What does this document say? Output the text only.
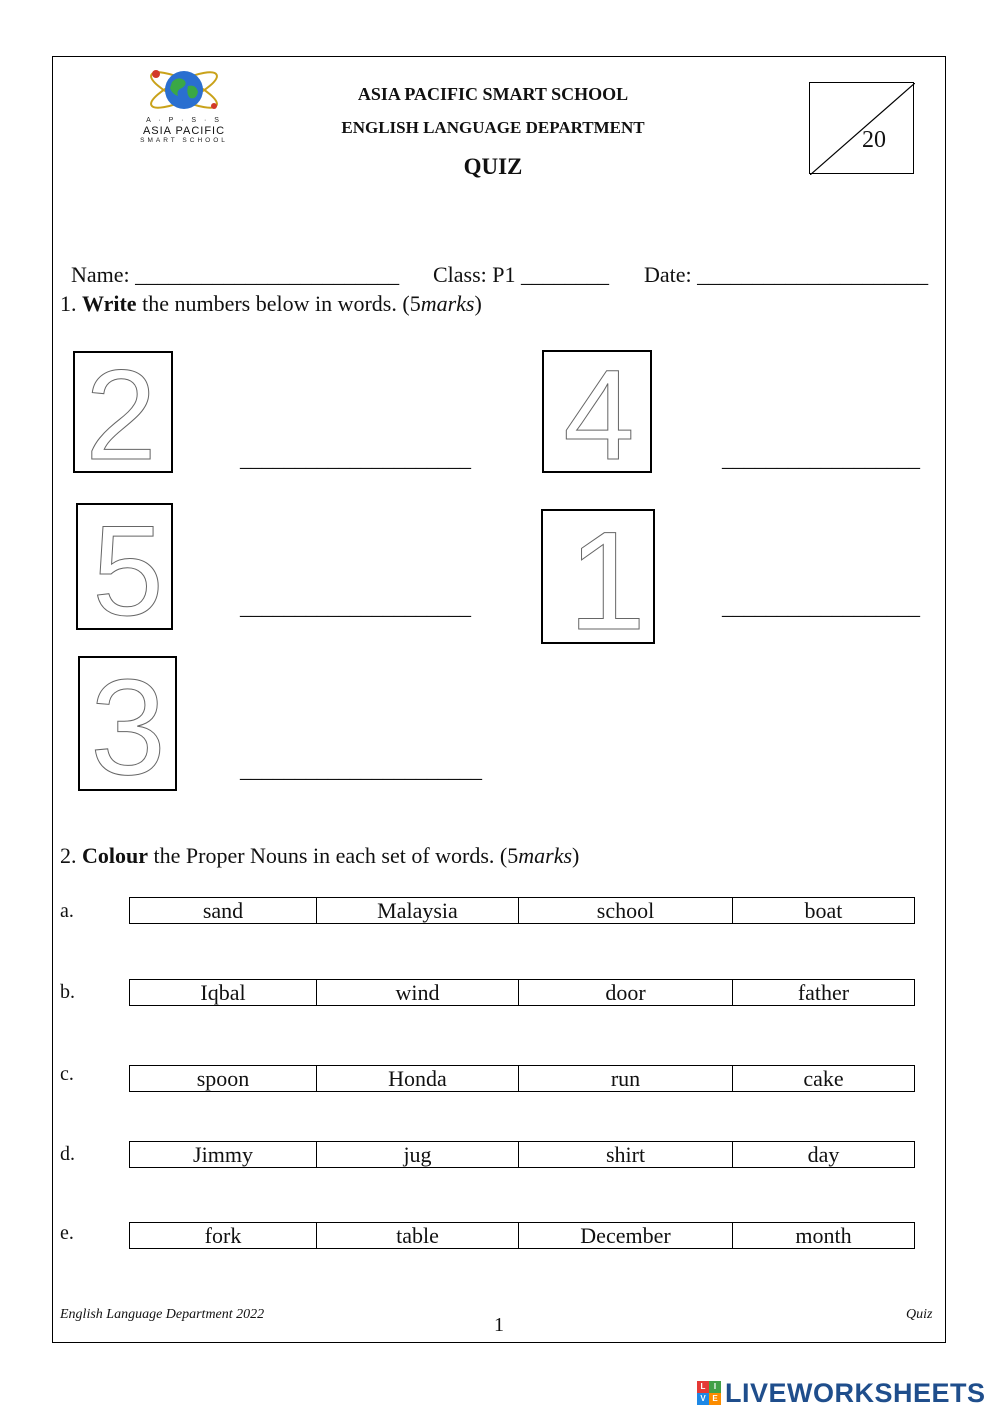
A · P · S · S
ASIA PACIFIC
SMART SCHOOL
ASIA PACIFIC SMART SCHOOL
ENGLISH LANGUAGE DEPARTMENT
QUIZ
20

Name: ________________________	Class: P1 ________	Date: _____________________

1. Write the numbers below in words. (5marks)
2	_____________________ 4	__________________
5	_____________________ 1	__________________
3	______________________
2. Colour the Proper Nouns in each set of words. (5marks)
a.	sand	Malaysia	school	boat
b.	Iqbal	wind	door	father
c.	spoon	Honda	run	cake
d.	Jimmy	jug	shirt	day
e.	fork	table	December	month
English Language Department 2022	1	Quiz
L	I
V E LIVEWORKSHEETS
